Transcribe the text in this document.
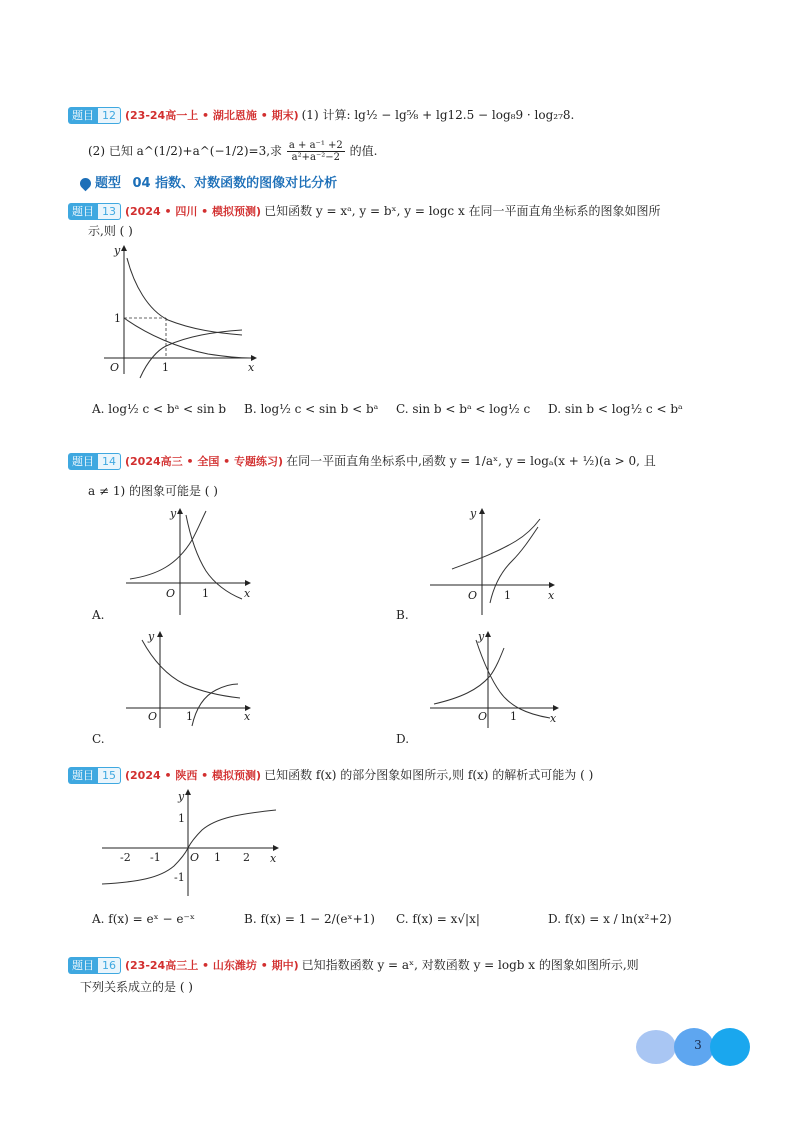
题目 12 (23-24高一上 • 湖北恩施 • 期末) (1) 计算: lg½ − lg⅝ + lg12.5 − log₈9 · log₂₇8.
(2) 已知 a^(1/2)+a^(−1/2)=3,求 $\frac{\text{a + a⁻¹ +2}}{\text{a²+a⁻²−2}}$ 的值.
题型 04 指数、对数函数的图像对比分析
题目 13 (2024 • 四川 • 模拟预测) 已知函数 y = xᵃ, y = bˣ, y = logc x 在同一平面直角坐标系的图象如图所
示,则 ( )
y
x
O	1
1
A. log½ c < bᵃ < sin b B. log½ c < sin b < bᵃ C. sin b < bᵃ < log½ c D. sin b < log½ c < bᵃ
题目 14 (2024高三 • 全国 • 专题练习) 在同一平面直角坐标系中,函数 y = 1/aˣ, y = logₐ(x + ½)(a > 0, 且
a ≠ 1) 的图象可能是 ( )
y
x
O 1
A.
y
x
O 1
B.
y
x
O	1
C.
y
x
O 1
D.
题目 15 (2024 • 陕西 • 模拟预测) 已知函数 f(x) 的部分图象如图所示,则 f(x) 的解析式可能为 ( )
y
x
O
-2 -1	1 2
1
-1
A. f(x) = eˣ − e⁻ˣ	B. f(x) = 1 − 2/(eˣ+1) C. f(x) = x√|x|	D. f(x) = x / ln(x²+2)
题目 16 (23-24高三上 • 山东潍坊 • 期中) 已知指数函数 y = aˣ, 对数函数 y = logb x 的图象如图所示,则
下列关系成立的是 ( )
3
